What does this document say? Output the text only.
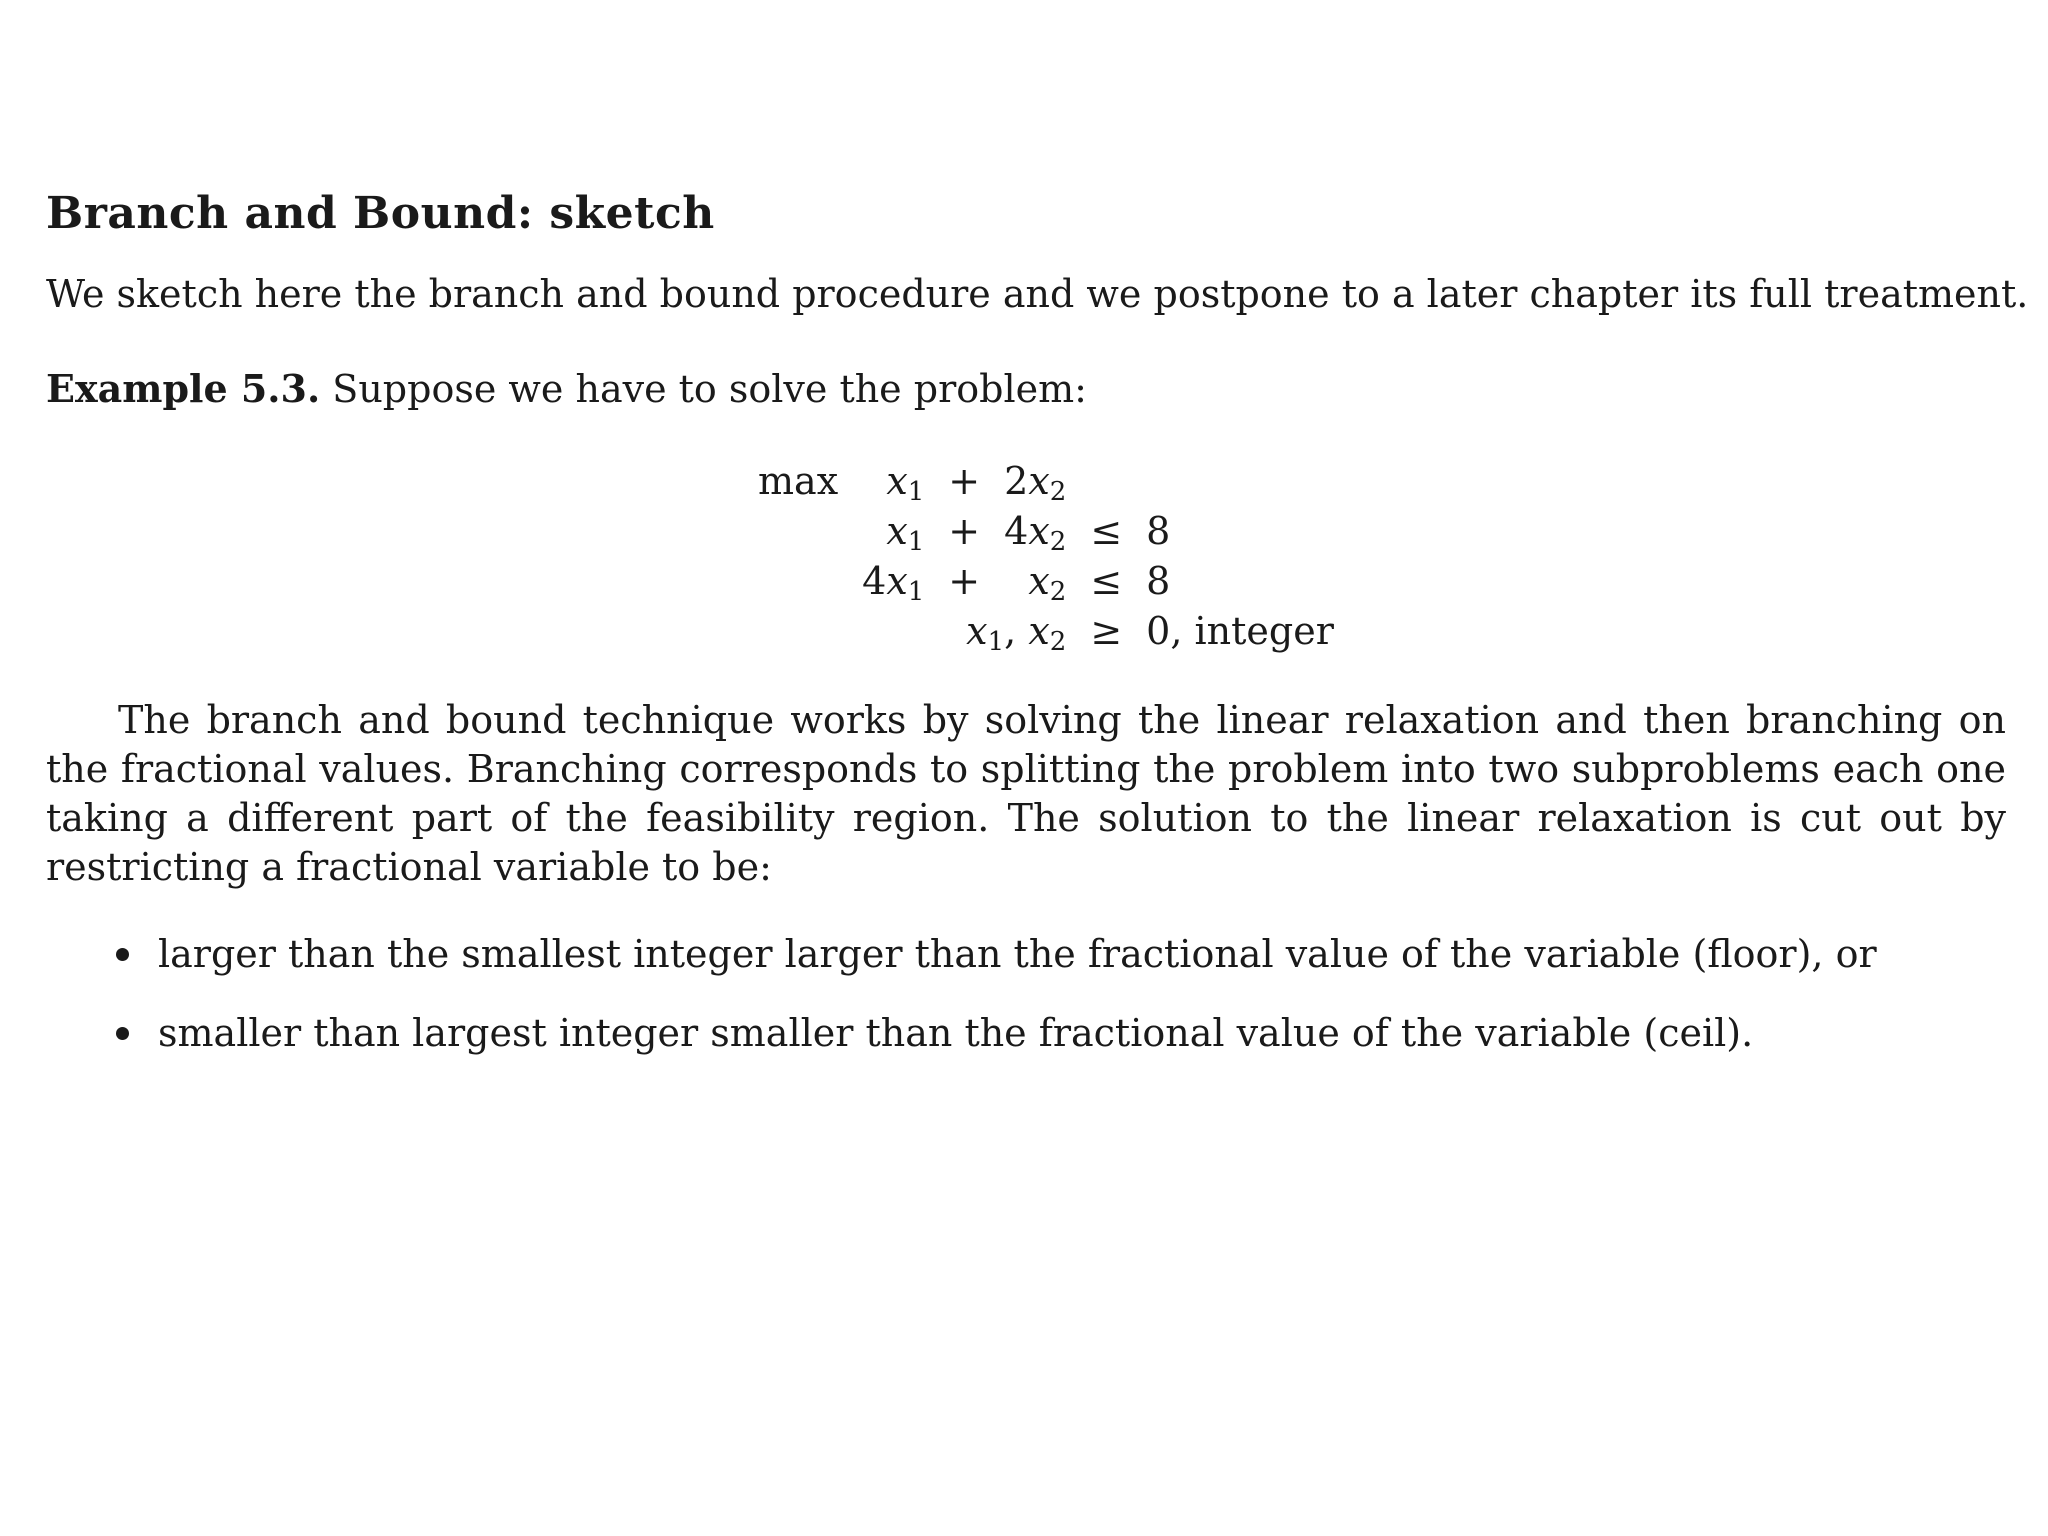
Branch and Bound: sketch

We sketch here the branch and bound procedure and we postpone to a later chapter its full treatment.

Example 5.3. Suppose we have to solve the problem:

max	$x_1$	+	$2x_2$		
	$x_1$	+	$4x_2$	≤	8
	$4x_1$	+	$x_2$	≤	8
	$x_1$, $x_2$			≥	0, integer

The branch and bound technique works by solving the linear relaxation and then branching on the fractional values. Branching corresponds to splitting the problem into two subproblems each one taking a different part of the feasibility region. The solution to the linear relaxation is cut out by restricting a fractional variable to be:

larger than the smallest integer larger than the fractional value of the variable (floor), or
smaller than largest integer smaller than the fractional value of the variable (ceil).
